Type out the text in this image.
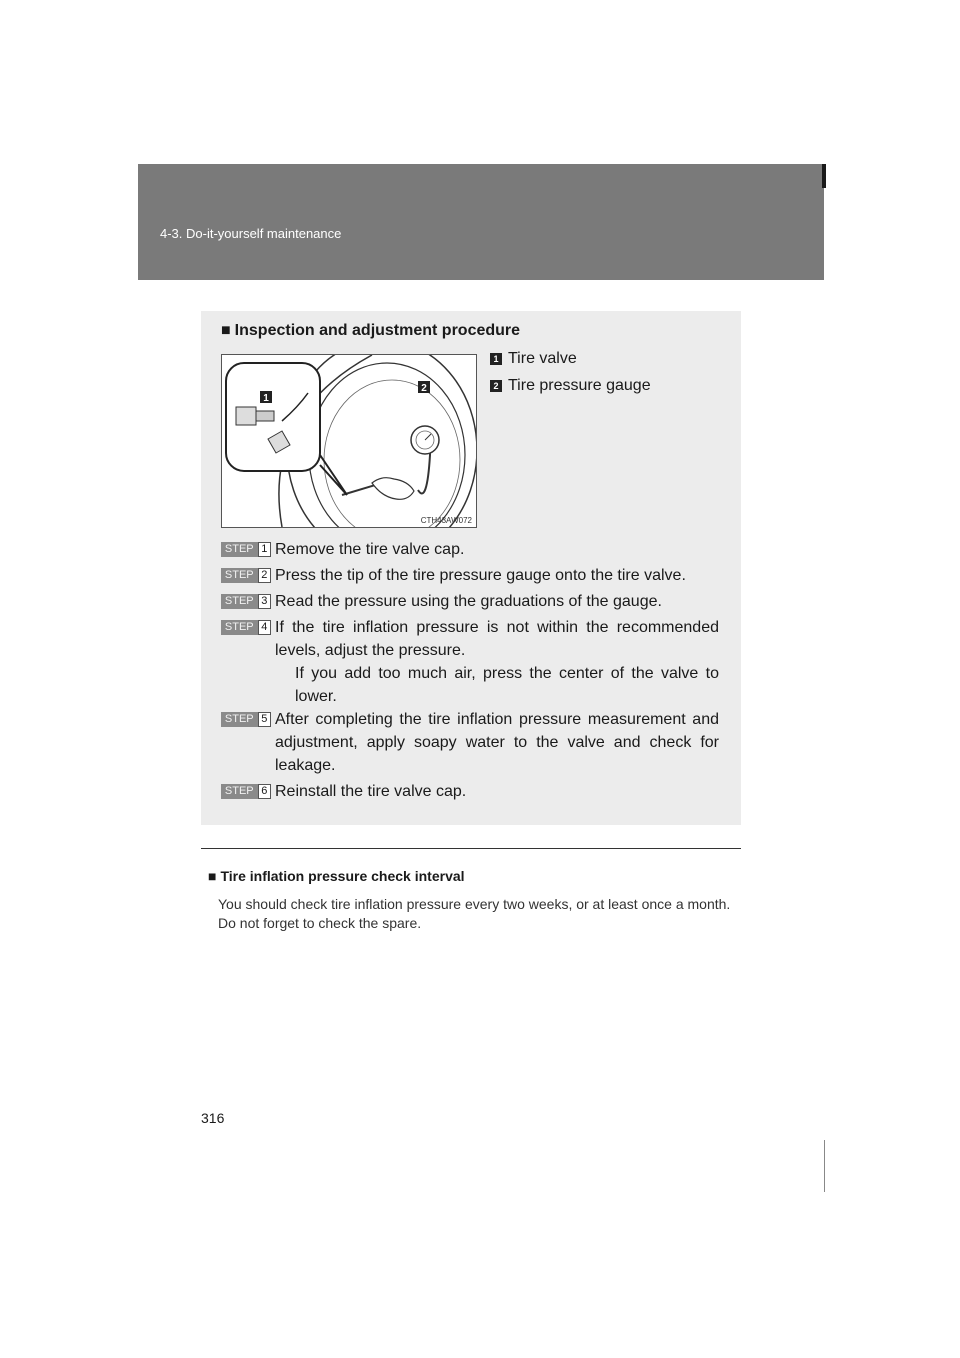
4-3. Do-it-yourself maintenance
■ Inspection and adjustment procedure
1
2
CTH43AW072
1 Tire valve
2 Tire pressure gauge
STEP 1 Remove the tire valve cap.
STEP 2 Press the tip of the tire pressure gauge onto the tire valve.
STEP 3 Read the pressure using the graduations of the gauge.
STEP 4 If the tire inflation pressure is not within the recommended levels, adjust the pressure.
If you add too much air, press the center of the valve to lower.
STEP 5 After completing the tire inflation pressure measurement and adjustment, apply soapy water to the valve and check for leakage.
STEP 6 Reinstall the tire valve cap.
■ Tire inflation pressure check interval

You should check tire inflation pressure every two weeks, or at least once a month.

Do not forget to check the spare.

316
